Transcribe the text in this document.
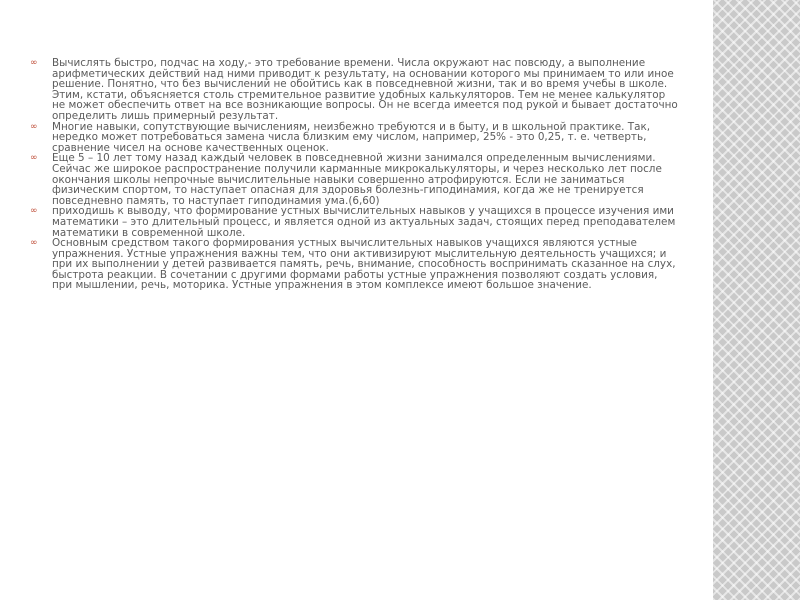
∞ Вычислять быстро, подчас на ходу,- это требование времени. Числа окружают нас повсюду, а выполнение арифметических действий над ними приводит к результату, на основании которого мы принимаем то или иное решение. Понятно, что без вычислений не обойтись как в повседневной жизни, так и во время учебы в школе. Этим, кстати, объясняется столь стремительное развитие удобных калькуляторов. Тем не менее калькулятор не может обеспечить ответ на все возникающие вопросы. Он не всегда имеется под рукой и бывает достаточно определить лишь примерный результат.
∞ Многие навыки, сопутствующие вычислениям, неизбежно требуются и в быту, и в школьной практике. Так, нередко может потребоваться замена числа близким ему числом, например, 25% - это 0,25, т. е. четверть, сравнение чисел на основе качественных оценок.
∞ Еще 5 – 10 лет тому назад каждый человек в повседневной жизни занимался определенным вычислениями. Сейчас же широкое распространение получили карманные микрокалькуляторы, и через несколько лет после окончания школы непрочные вычислительные навыки совершенно атрофируются. Если не заниматься физическим спортом, то наступает опасная для здоровья болезнь-гиподинамия, когда же не тренируется повседневно память, то наступает гиподинамия ума.(6,60)
∞ приходишь к выводу, что формирование устных вычислительных навыков у учащихся в процессе изучения ими математики – это длительный процесс, и является одной из актуальных задач, стоящих перед преподавателем математики в современной школе.
∞ Основным средством такого формирования устных вычислительных навыков учащихся являются устные упражнения. Устные упражнения важны тем, что они активизируют мыслительную деятельность учащихся; и при их выполнении у детей развивается память, речь, внимание, способность воспринимать сказанное на слух, быстрота реакции. В сочетании с другими формами работы устные упражнения позволяют создать условия, при мышлении, речь, моторика. Устные упражнения в этом комплексе имеют большое значение.
